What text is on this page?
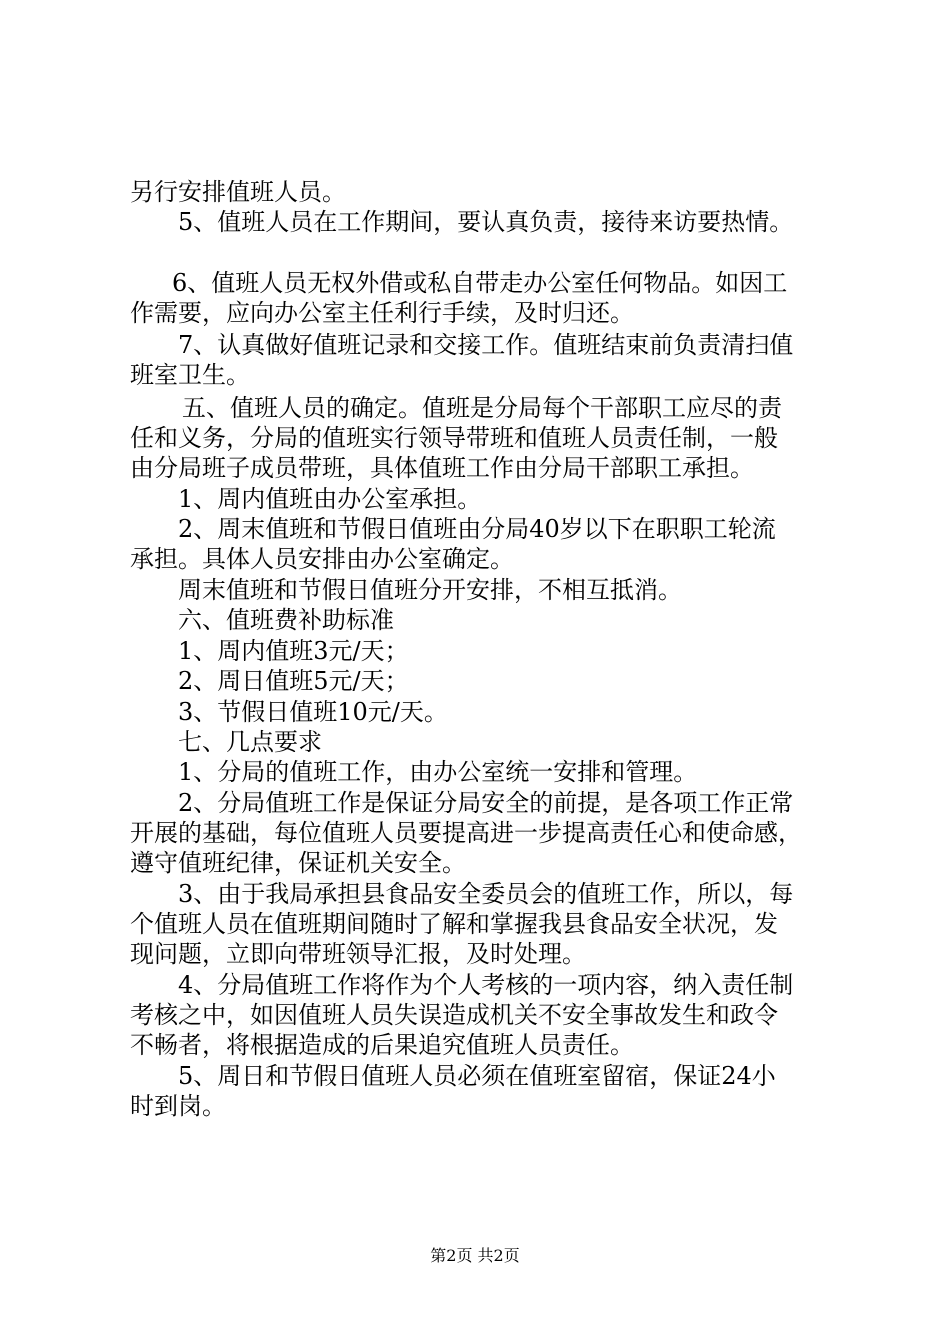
另行安排值班人员。
5、值班人员在工作期间，要认真负责，接待来访要热情。
6、值班人员无权外借或私自带走办公室任何物品。如因工
作需要，应向办公室主任利行手续，及时归还。
7、认真做好值班记录和交接工作。值班结束前负责清扫值
班室卫生。
五、值班人员的确定。值班是分局每个干部职工应尽的责
任和义务，分局的值班实行领导带班和值班人员责任制，一般
由分局班子成员带班，具体值班工作由分局干部职工承担。
1、周内值班由办公室承担。
2、周末值班和节假日值班由分局40岁以下在职职工轮流
承担。具体人员安排由办公室确定。
周末值班和节假日值班分开安排，不相互抵消。
六、值班费补助标准
1、周内值班3元/天；
2、周日值班5元/天；
3、节假日值班10元/天。
七、几点要求
1、分局的值班工作，由办公室统一安排和管理。
2、分局值班工作是保证分局安全的前提，是各项工作正常
开展的基础，每位值班人员要提高进一步提高责任心和使命感，
遵守值班纪律，保证机关安全。
3、由于我局承担县食品安全委员会的值班工作，所以，每
个值班人员在值班期间随时了解和掌握我县食品安全状况，发
现问题，立即向带班领导汇报，及时处理。
4、分局值班工作将作为个人考核的一项内容，纳入责任制
考核之中，如因值班人员失误造成机关不安全事故发生和政令
不畅者，将根据造成的后果追究值班人员责任。
5、周日和节假日值班人员必须在值班室留宿，保证24小
时到岗。
第2页 共2页
